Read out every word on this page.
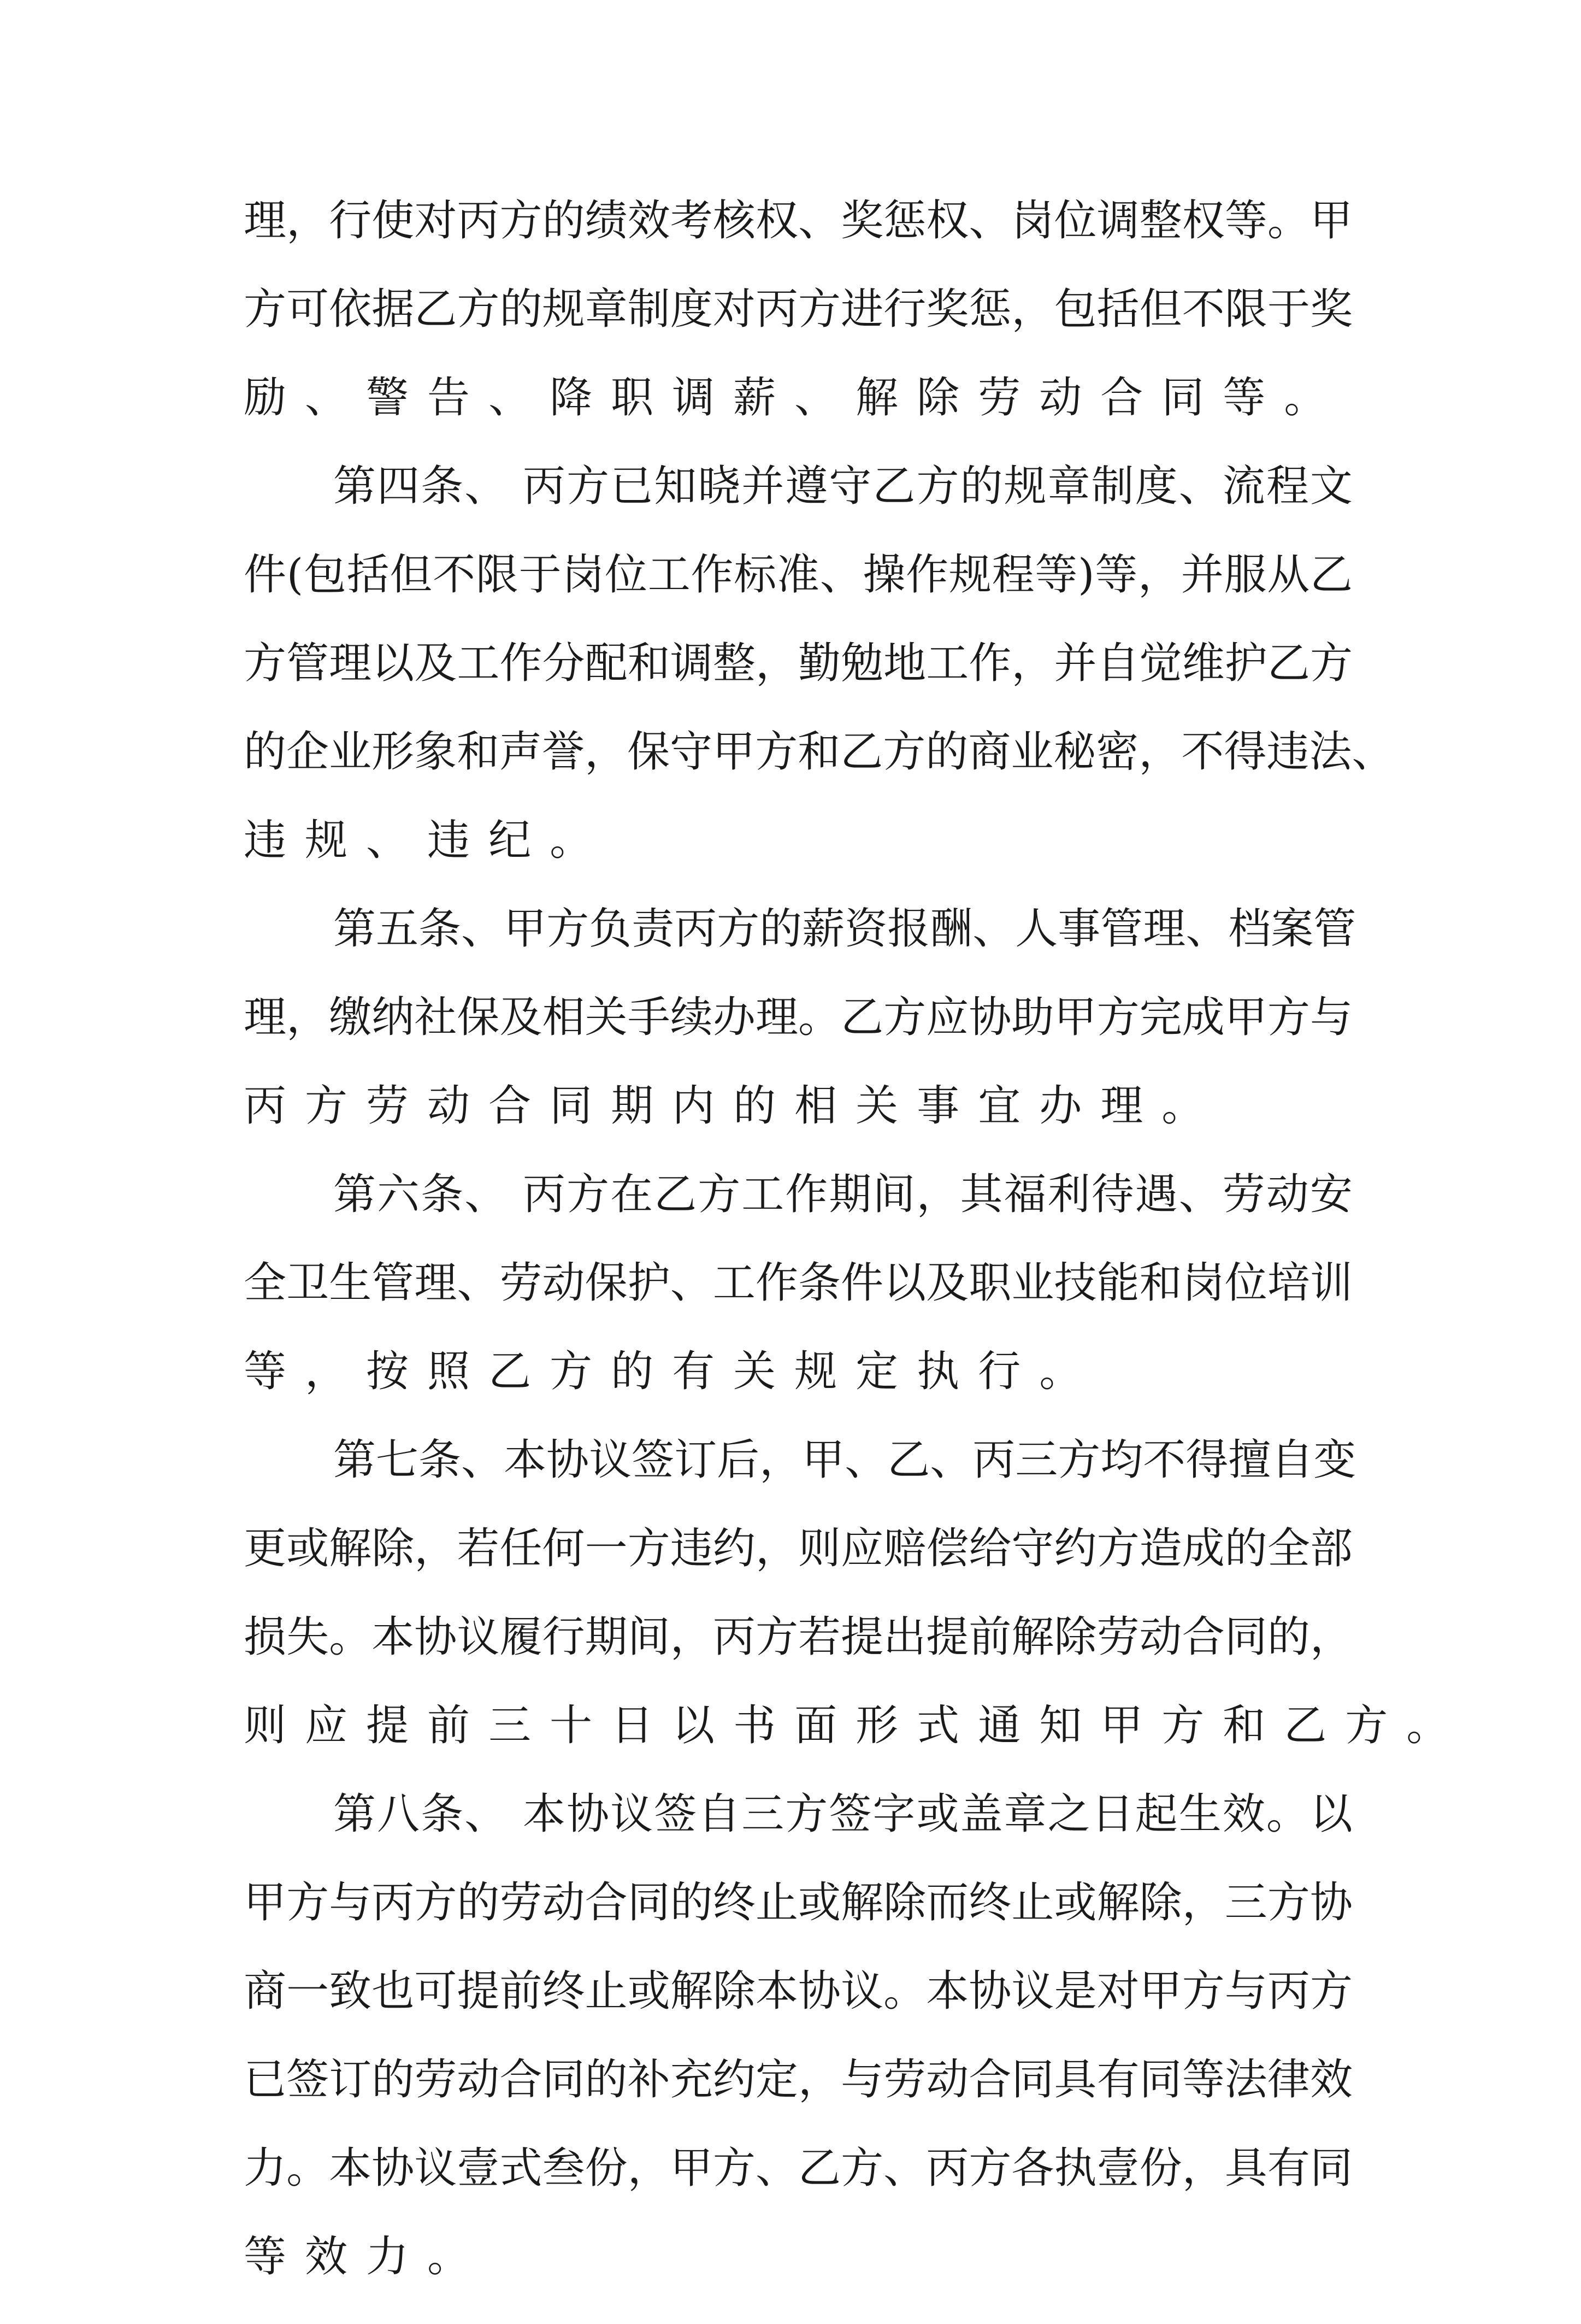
理 ， 行 使 对 丙 方 的 绩 效 考 核 权 、 奖 惩 权 、 岗 位 调 整 权 等 。 甲
方 可 依 据 乙 方 的 规 章 制 度 对 丙 方 进 行 奖 惩 ， 包 括 但 不 限 于 奖
励 、 警 告 、 降 职 调 薪 、 解 除 劳 动 合 同 等 。
第 四 条 、
丙 方 已 知 晓 并 遵 守 乙 方 的 规 章 制 度 、 流 程 文
件 ( 包 括 但 不 限 于 岗 位 工 作 标 准 、 操 作 规 程 等 ) 等 ， 并 服 从 乙
方 管 理 以 及 工 作 分 配 和 调 整 ， 勤 勉 地 工 作 ， 并 自 觉 维 护 乙 方
的 企 业 形 象 和 声 誉 ， 保 守 甲 方 和 乙 方 的 商 业 秘 密 ， 不 得 违 法 、
违 规 、 违 纪 。
第 五 条 、 甲 方 负 责 丙 方 的 薪 资 报 酬 、 人 事 管 理 、 档 案 管
理 ， 缴 纳 社 保 及 相 关 手 续 办 理 。 乙 方 应 协 助 甲 方 完 成 甲 方 与
丙 方 劳 动 合 同 期 内 的 相 关 事 宜 办 理 。
第 六 条 、
丙 方 在 乙 方 工 作 期 间 ， 其 福 利 待 遇 、 劳 动 安
全 卫 生 管 理 、 劳 动 保 护 、 工 作 条 件 以 及 职 业 技 能 和 岗 位 培 训
等 ， 按 照 乙 方 的 有 关 规 定 执 行 。
第 七 条 、 本 协 议 签 订 后 ， 甲 、 乙 、 丙 三 方 均 不 得 擅 自 变
更 或 解 除 ， 若 任 何 一 方 违 约 ， 则 应 赔 偿 给 守 约 方 造 成 的 全 部
损 失 。 本 协 议 履 行 期 间 ， 丙 方 若 提 出 提 前 解 除 劳 动 合 同 的 ，
则 应 提 前 三 十 日 以 书 面 形 式 通 知 甲 方 和 乙 方 。
第 八 条 、
本 协 议 签 自 三 方 签 字 或 盖 章 之 日 起 生 效 。 以
甲 方 与 丙 方 的 劳 动 合 同 的 终 止 或 解 除 而 终 止 或 解 除 ， 三 方 协
商 一 致 也 可 提 前 终 止 或 解 除 本 协 议 。 本 协 议 是 对 甲 方 与 丙 方
已 签 订 的 劳 动 合 同 的 补 充 约 定 ， 与 劳 动 合 同 具 有 同 等 法 律 效
力 。 本 协 议 壹 式 叁 份 ， 甲 方 、 乙 方 、 丙 方 各 执 壹 份 ， 具 有 同
等 效 力 。
